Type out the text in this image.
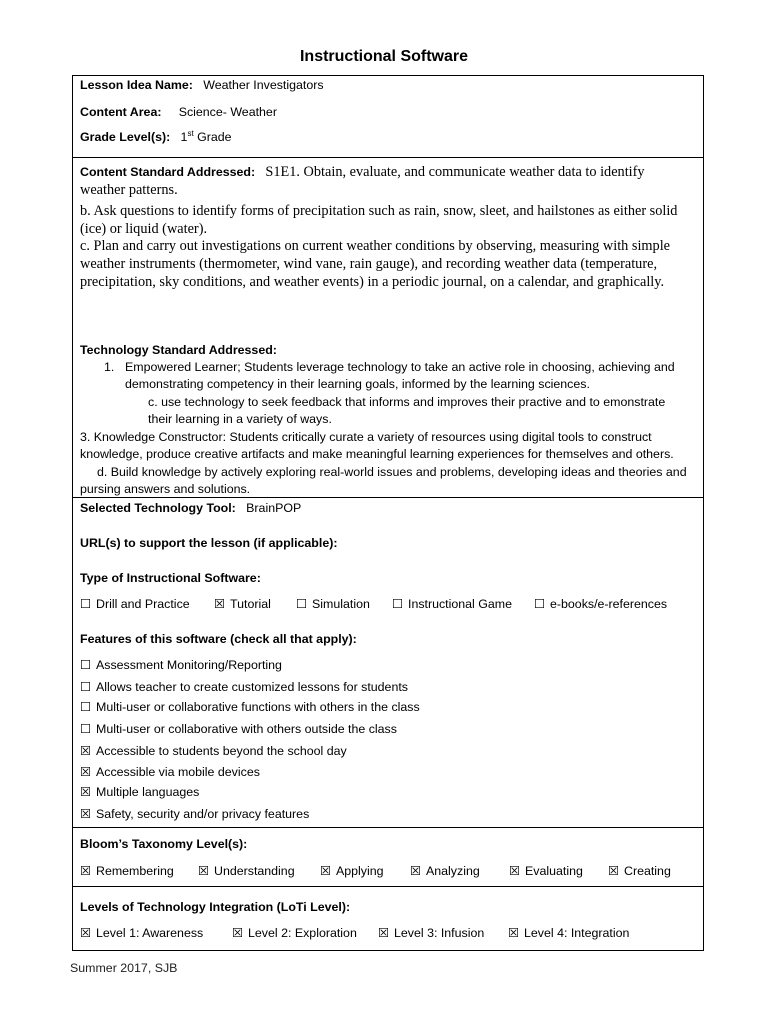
Instructional Software
Lesson Idea Name: Weather Investigators
Content Area: Science- Weather
Grade Level(s): 1st Grade
Content Standard Addressed: S1E1. Obtain, evaluate, and communicate weather data to identify
weather patterns.
b. Ask questions to identify forms of precipitation such as rain, snow, sleet, and hailstones as either solid (ice) or liquid (water).
c. Plan and carry out investigations on current weather conditions by observing, measuring with simple weather instruments (thermometer, wind vane, rain gauge), and recording weather data (temperature, precipitation, sky conditions, and weather events) in a periodic journal, on a calendar, and graphically.
Technology Standard Addressed:
1. Empowered Learner; Students leverage technology to take an active role in choosing, achieving and
demonstrating competency in their learning goals, informed by the learning sciences.
c. use technology to seek feedback that informs and improves their practive and to emonstrate
their learning in a variety of ways.
3. Knowledge Constructor: Students critically curate a variety of resources using digital tools to construct
knowledge, produce creative artifacts and make meaningful learning experiences for themselves and others.
d. Build knowledge by actively exploring real-world issues and problems, developing ideas and theories and
pursing answers and solutions.
Selected Technology Tool: BrainPOP
URL(s) to support the lesson (if applicable):
Type of Instructional Software:
☐ Drill and Practice ☒ Tutorial ☐ Simulation ☐ Instructional Game ☐ e-books/e-references
Features of this software (check all that apply):
☐ Assessment Monitoring/Reporting
☐ Allows teacher to create customized lessons for students
☐ Multi-user or collaborative functions with others in the class
☐ Multi-user or collaborative with others outside the class
☒ Accessible to students beyond the school day
☒ Accessible via mobile devices
☒ Multiple languages
☒ Safety, security and/or privacy features
Bloom’s Taxonomy Level(s):
☒ Remembering ☒ Understanding ☒ Applying ☒ Analyzing ☒ Evaluating ☒ Creating
Levels of Technology Integration (LoTi Level):
☒ Level 1: Awareness ☒ Level 2: Exploration ☒ Level 3: Infusion ☒ Level 4: Integration
Summer 2017, SJB
